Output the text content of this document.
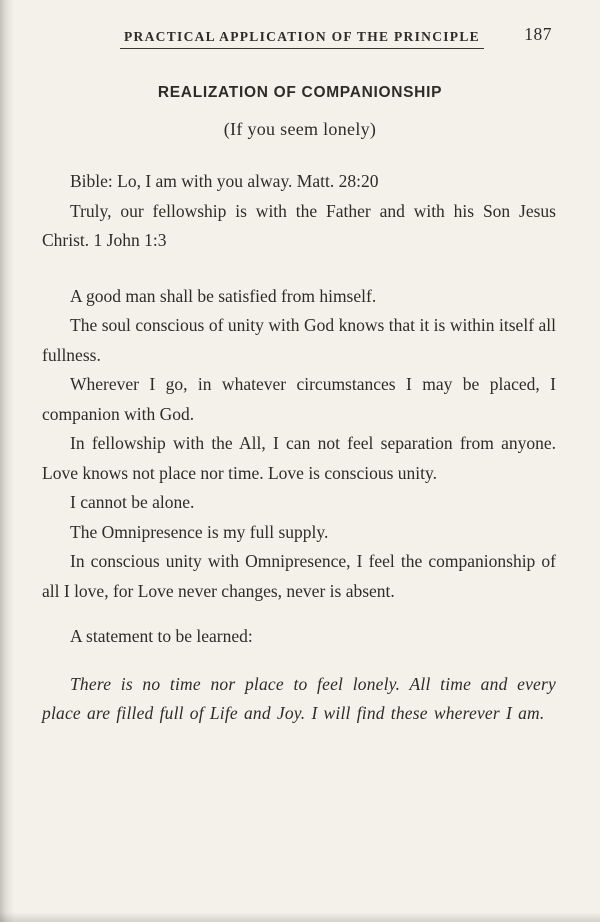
PRACTICAL APPLICATION OF THE PRINCIPLE	187
REALIZATION OF COMPANIONSHIP
(If you seem lonely)

Bible: Lo, I am with you alway. Matt. 28:20

Truly, our fellowship is with the Father and with his Son Jesus Christ. 1 John 1:3

A good man shall be satisfied from himself.

The soul conscious of unity with God knows that it is within itself all fullness.

Wherever I go, in whatever circumstances I may be placed, I companion with God.

In fellowship with the All, I can not feel separation from anyone. Love knows not place nor time. Love is conscious unity.

I cannot be alone.

The Omnipresence is my full supply.

In conscious unity with Omnipresence, I feel the companionship of all I love, for Love never changes, never is absent.

A statement to be learned:

There is no time nor place to feel lonely. All time and every place are filled full of Life and Joy. I will find these wherever I am.
